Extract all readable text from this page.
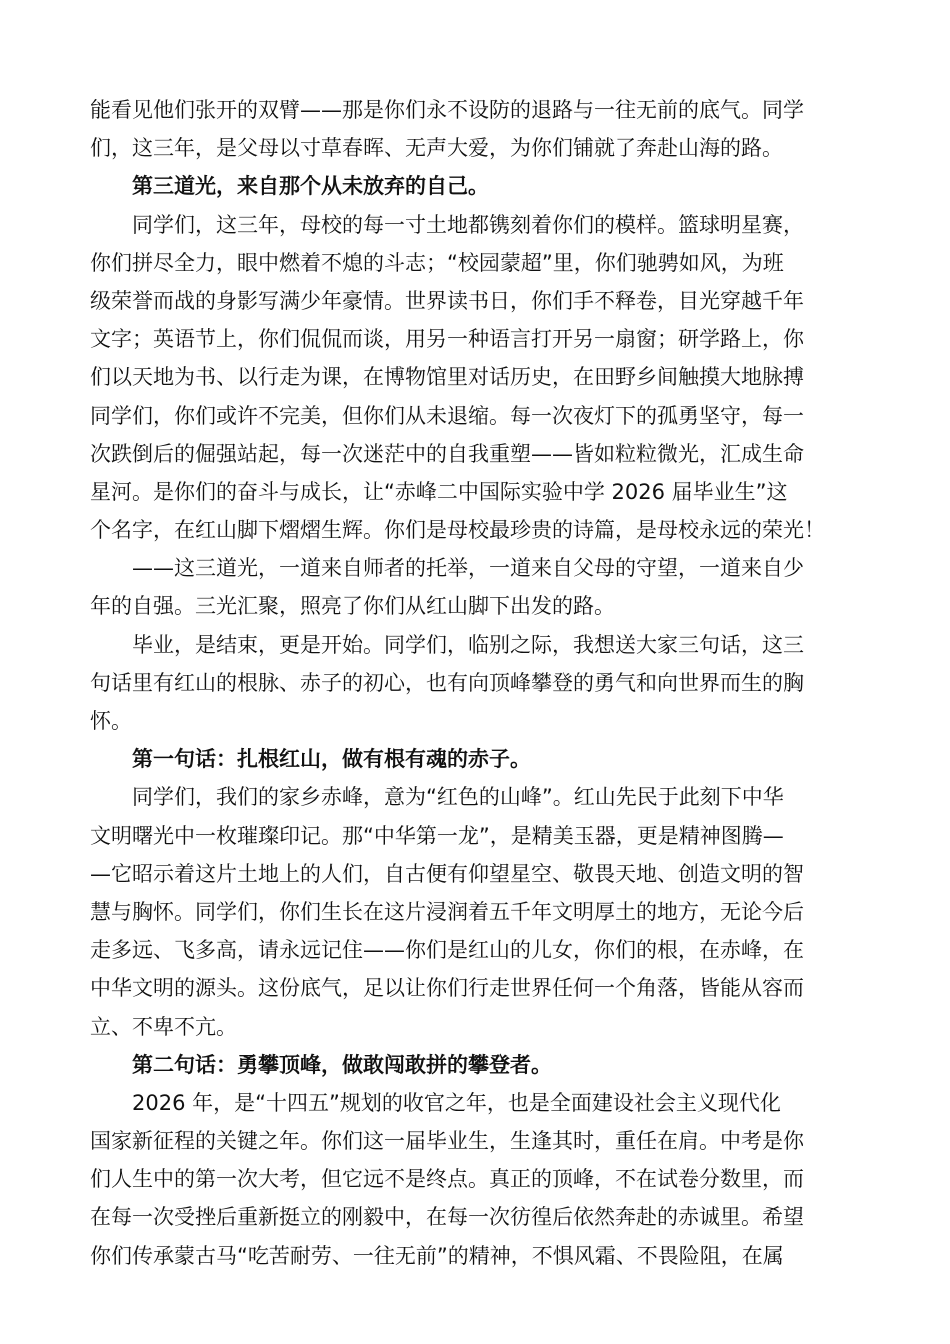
能看见他们张开的双臂——那是你们永不设防的退路与一往无前的底气。同学
们，这三年，是父母以寸草春晖、无声大爱，为你们铺就了奔赴山海的路。
　　第三道光，来自那个从未放弃的自己。
　　同学们，这三年，母校的每一寸土地都镌刻着你们的模样。篮球明星赛，
你们拼尽全力，眼中燃着不熄的斗志；“校园蒙超”里，你们驰骋如风，为班
级荣誉而战的身影写满少年豪情。世界读书日，你们手不释卷，目光穿越千年
文字；英语节上，你们侃侃而谈，用另一种语言打开另一扇窗；研学路上，你
们以天地为书、以行走为课，在博物馆里对话历史，在田野乡间触摸大地脉搏
同学们，你们或许不完美，但你们从未退缩。每一次夜灯下的孤勇坚守，每一
次跌倒后的倔强站起，每一次迷茫中的自我重塑——皆如粒粒微光，汇成生命
星河。是你们的奋斗与成长，让“赤峰二中国际实验中学 2026 届毕业生”这
个名字，在红山脚下熠熠生辉。你们是母校最珍贵的诗篇，是母校永远的荣光！
　　——这三道光，一道来自师者的托举，一道来自父母的守望，一道来自少
年的自强。三光汇聚，照亮了你们从红山脚下出发的路。
　　毕业，是结束，更是开始。同学们，临别之际，我想送大家三句话，这三
句话里有红山的根脉、赤子的初心，也有向顶峰攀登的勇气和向世界而生的胸
怀。
　　第一句话：扎根红山，做有根有魂的赤子。
　　同学们，我们的家乡赤峰，意为“红色的山峰”。红山先民于此刻下中华
文明曙光中一枚璀璨印记。那“中华第一龙”，是精美玉器，更是精神图腾—
—它昭示着这片土地上的人们，自古便有仰望星空、敬畏天地、创造文明的智
慧与胸怀。同学们，你们生长在这片浸润着五千年文明厚土的地方，无论今后
走多远、飞多高，请永远记住——你们是红山的儿女，你们的根，在赤峰，在
中华文明的源头。这份底气，足以让你们行走世界任何一个角落，皆能从容而
立、不卑不亢。
　　第二句话：勇攀顶峰，做敢闯敢拼的攀登者。
　　2026 年，是“十四五”规划的收官之年，也是全面建设社会主义现代化
国家新征程的关键之年。你们这一届毕业生，生逢其时，重任在肩。中考是你
们人生中的第一次大考，但它远不是终点。真正的顶峰，不在试卷分数里，而
在每一次受挫后重新挺立的刚毅中，在每一次彷徨后依然奔赴的赤诚里。希望
你们传承蒙古马“吃苦耐劳、一往无前”的精神，不惧风霜、不畏险阻，在属
